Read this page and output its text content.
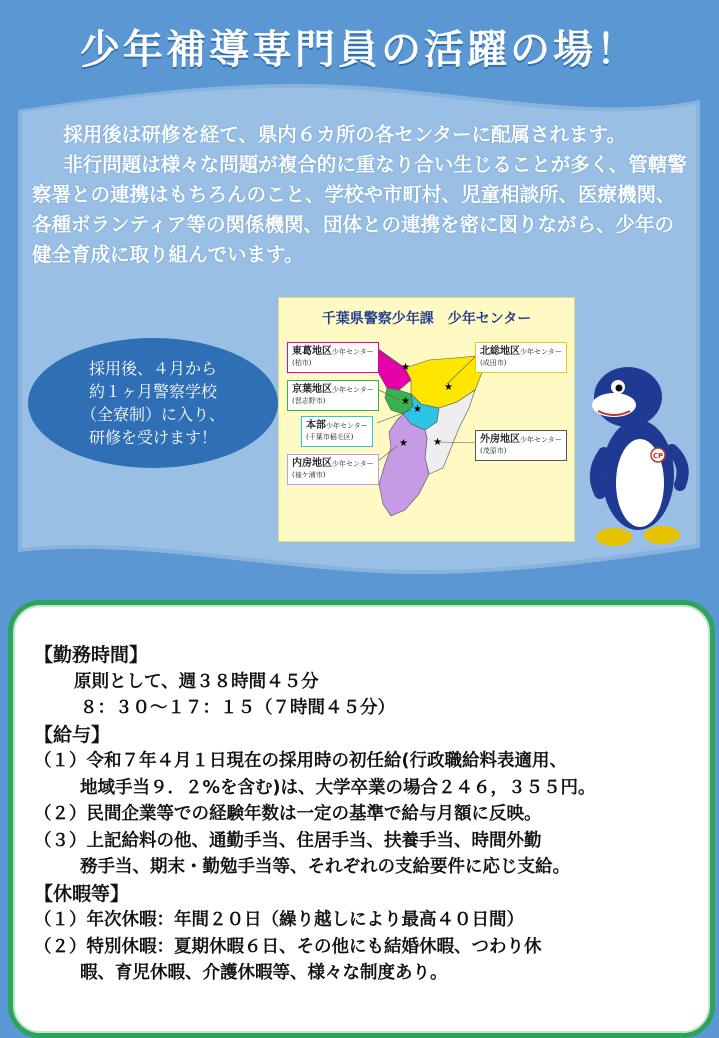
少年補導専門員の活躍の場！

採用後は研修を経て、県内６カ所の各センターに配属されます。

非行問題は様々な問題が複合的に重なり合い生じることが多く、管轄警察署との連携はもちろんのこと、学校や市町村、児童相談所、医療機関、各種ボランティア等の関係機関、団体との連携を密に図りながら、少年の健全育成に取り組んでいます。

採用後、４月から
約１ヶ月警察学校
（全寮制）に入り、
研修を受けます！
千葉県警察少年課　少年センター
★
★
★
★
★	★
東葛地区少年センター
(柏市)
京葉地区少年センター
(習志野市)
本部少年センター
(千葉市稲毛区)
内房地区少年センター
(袖ケ浦市)
北総地区少年センター
(成田市)
外房地区少年センター
(茂原市)
CP
【勤務時間】
原則として、週３８時間４５分
８：３０～１７：１５（７時間４５分）
【給与】
（１）令和７年４月１日現在の採用時の初任給(行政職給料表適用、
地域手当９．２%を含む)は、大学卒業の場合２４６，３５５円。
（２）民間企業等での経験年数は一定の基準で給与月額に反映。
（３）上記給料の他、通勤手当、住居手当、扶養手当、時間外勤
務手当、期末・勤勉手当等、それぞれの支給要件に応じ支給。
【休暇等】
（１）年次休暇：年間２０日（繰り越しにより最高４０日間）
（２）特別休暇：夏期休暇６日、その他にも結婚休暇、つわり休
暇、育児休暇、介護休暇等、様々な制度あり。
